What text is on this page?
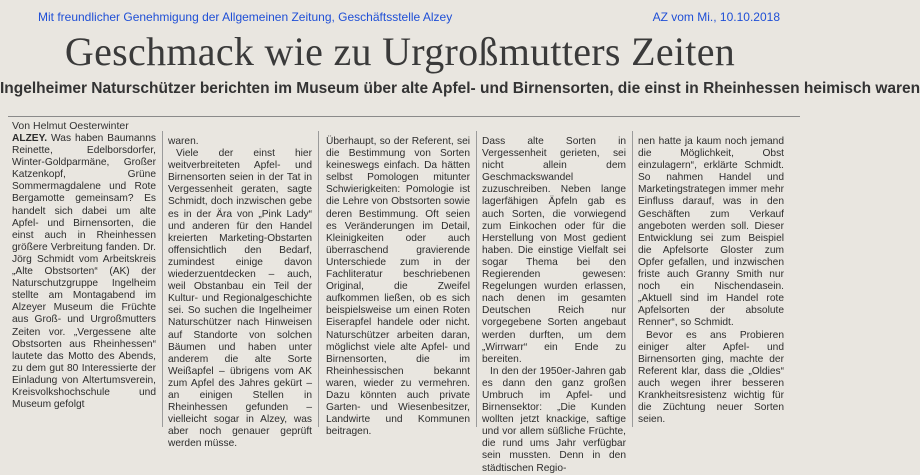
Mit freundlicher Genehmigung der Allgemeinen Zeitung, Geschäftsstelle Alzey	AZ vom Mi., 10.10.2018
Geschmack wie zu Urgroßmutters Zeiten
Ingelheimer Naturschützer berichten im Museum über alte Apfel- und Birnensorten, die einst in Rheinhessen heimisch waren
Von Helmut Oesterwinter

ALZEY. Was haben Baumanns Reinette, Edelborsdorfer, Winter-Goldparmäne, Großer Katzenkopf, Grüne Sommermagdalene und Rote Bergamotte gemeinsam? Es handelt sich dabei um alte Apfel- und Birnensorten, die einst auch in Rheinhessen größere Verbreitung fanden. Dr. Jörg Schmidt vom Arbeitskreis „Alte Obstsorten“ (AK) der Naturschutzgruppe Ingelheim stellte am Montagabend im Alzeyer Museum die Früchte aus Groß- und Urgroßmutters Zeiten vor. „Vergessene alte Obstsorten aus Rheinhessen“ lautete das Motto des Abends, zu dem gut 80 Interessierte der Einladung von Altertumsverein, Kreisvolkshochschule und Museum gefolgt

waren.

Viele der einst hier weitverbreiteten Apfel- und Birnensorten seien in der Tat in Vergessenheit geraten, sagte Schmidt, doch inzwischen gebe es in der Ära von „Pink Lady“ und anderen für den Handel kreierten Marketing-Obstarten offensichtlich den Bedarf, zumindest einige davon wiederzuentdecken – auch, weil Obstanbau ein Teil der Kultur- und Regionalgeschichte sei. So suchen die Ingelheimer Naturschützer nach Hinweisen auf Standorte von solchen Bäumen und haben unter anderem die alte Sorte Weißapfel – übrigens vom AK zum Apfel des Jahres gekürt – an einigen Stellen in Rheinhessen gefunden – vielleicht sogar in Alzey, was aber noch genauer geprüft werden müsse.

Überhaupt, so der Referent, sei die Bestimmung von Sorten keineswegs einfach. Da hätten selbst Pomologen mitunter Schwierigkeiten: Pomologie ist die Lehre von Obstsorten sowie deren Bestimmung. Oft seien es Veränderungen im Detail, Kleinigkeiten oder auch überraschend gravierende Unterschiede zum in der Fachliteratur beschriebenen Original, die Zweifel aufkommen ließen, ob es sich beispielsweise um einen Roten Eiserapfel handele oder nicht. Naturschützer arbeiten daran, möglichst viele alte Apfel- und Birnensorten, die im Rheinhessischen bekannt waren, wieder zu vermehren. Dazu könnten auch private Garten- und Wiesenbesitzer, Landwirte und Kommunen beitragen.

Dass alte Sorten in Vergessenheit gerieten, sei nicht allein dem Geschmackswandel zuzuschreiben. Neben lange lagerfähigen Äpfeln gab es auch Sorten, die vorwiegend zum Einkochen oder für die Herstellung von Most gedient haben. Die einstige Vielfalt sei sogar Thema bei den Regierenden gewesen: Regelungen wurden erlassen, nach denen im gesamten Deutschen Reich nur vorgegebene Sorten angebaut werden durften, um dem „Wirrwarr“ ein Ende zu bereiten.

In den der 1950er-Jahren gab es dann den ganz großen Umbruch im Apfel- und Birnensektor: „Die Kunden wollten jetzt knackige, saftige und vor allem süßliche Früchte, die rund ums Jahr verfügbar sein mussten. Denn in den städtischen Regio-

nen hatte ja kaum noch jemand die Möglichkeit, Obst einzulagern“, erklärte Schmidt. So nahmen Handel und Marketingstrategen immer mehr Einfluss darauf, was in den Geschäften zum Verkauf angeboten werden soll. Dieser Entwicklung sei zum Beispiel die Apfelsorte Gloster zum Opfer gefallen, und inzwischen friste auch Granny Smith nur noch ein Nischendasein. „Aktuell sind im Handel rote Apfelsorten der absolute Renner“, so Schmidt.

Bevor es ans Probieren einiger alter Apfel- und Birnensorten ging, machte der Referent klar, dass die „Oldies“ auch wegen ihrer besseren Krankheitsresistenz wichtig für die Züchtung neuer Sorten seien.
